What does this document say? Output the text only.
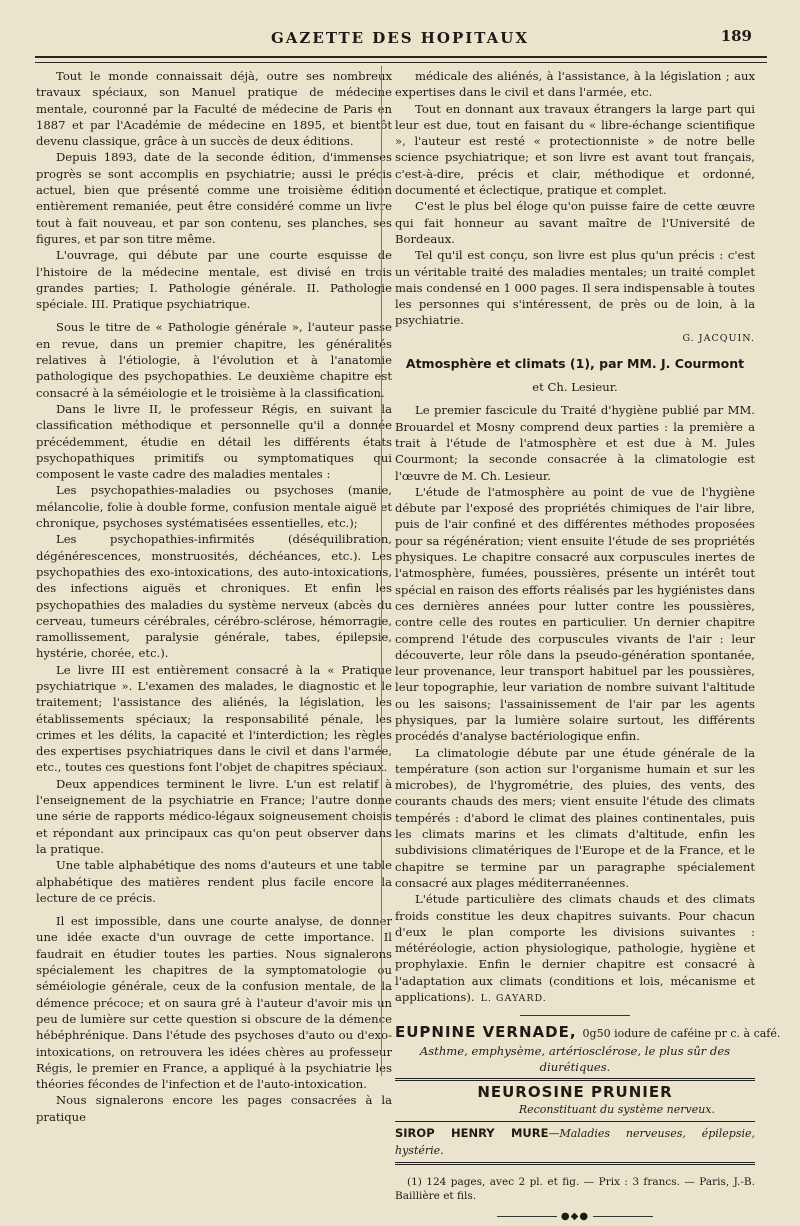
GAZETTE DES HOPITAUX	189

Tout le monde connaissait déjà, outre ses nombreux travaux spéciaux, son Manuel pratique de médecine mentale, couronné par la Faculté de médecine de Paris en 1887 et par l'Académie de médecine en 1895, et bientôt devenu classique, grâce à un succès de deux éditions.

Depuis 1893, date de la seconde édition, d'immenses progrès se sont accomplis en psychiatrie; aussi le précis actuel, bien que présenté comme une troisième édition entièrement remaniée, peut être considéré comme un livre tout à fait nouveau, et par son contenu, ses planches, ses figures, et par son titre même.

L'ouvrage, qui débute par une courte esquisse de l'histoire de la médecine mentale, est divisé en trois grandes parties; I. Pathologie générale. II. Pathologie spéciale. III. Pratique psychiatrique.

Sous le titre de « Pathologie générale », l'auteur passe en revue, dans un premier chapitre, les généralités relatives à l'étiologie, à l'évolution et à l'anatomie pathologique des psychopathies. Le deuxième chapitre est consacré à la séméiologie et le troisième à la classification.

Dans le livre II, le professeur Régis, en suivant la classification méthodique et personnelle qu'il a donnée précédemment, étudie en détail les différents états psychopathiques primitifs ou symptomatiques qui composent le vaste cadre des maladies mentales :

Les psychopathies-maladies ou psychoses (manie, mélancolie, folie à double forme, confusion mentale aiguë et chronique, psychoses systématisées essentielles, etc.);

Les psychopathies-infirmités (déséquilibration, dégénérescences, monstruosités, déchéances, etc.). Les psychopathies des exo-intoxications, des auto-intoxications, des infections aiguës et chroniques. Et enfin les psychopathies des maladies du système nerveux (abcès du cerveau, tumeurs cérébrales, cérébro-sclérose, hémorragie, ramollissement, paralysie générale, tabes, épilepsie, hystérie, chorée, etc.).

Le livre III est entièrement consacré à la « Pratique psychiatrique ». L'examen des malades, le diagnostic et le traitement; l'assistance des aliénés, la législation, les établissements spéciaux; la responsabilité pénale, les crimes et les délits, la capacité et l'interdiction; les règles des expertises psychiatriques dans le civil et dans l'armée, etc., toutes ces questions font l'objet de chapitres spéciaux.

Deux appendices terminent le livre. L'un est relatif à l'enseignement de la psychiatrie en France; l'autre donne une série de rapports médico-légaux soigneusement choisis et répondant aux principaux cas qu'on peut observer dans la pratique.

Une table alphabétique des noms d'auteurs et une table alphabétique des matières rendent plus facile encore la lecture de ce précis.

Il est impossible, dans une courte analyse, de donner une idée exacte d'un ouvrage de cette importance. Il faudrait en étudier toutes les parties. Nous signalerons spécialement les chapitres de la symptomatologie ou séméiologie générale, ceux de la confusion mentale, de la démence précoce; et on saura gré à l'auteur d'avoir mis un peu de lumière sur cette question si obscure de la démence hébéphrénique. Dans l'étude des psychoses d'auto ou d'exo-intoxications, on retrouvera les idées chères au professeur Régis, le premier en France, a appliqué à la psychiatrie les théories fécondes de l'infection et de l'auto-intoxication.

Nous signalerons encore les pages consacrées à la pratique

médicale des aliénés, à l'assistance, à la législation ; aux expertises dans le civil et dans l'armée, etc.

Tout en donnant aux travaux étrangers la large part qui leur est due, tout en faisant du « libre-échange scientifique », l'auteur est resté « protectionniste » de notre belle science psychiatrique; et son livre est avant tout français, c'est-à-dire, précis et clair, méthodique et ordonné, documenté et éclectique, pratique et complet.

C'est le plus bel éloge qu'on puisse faire de cette œuvre qui fait honneur au savant maître de l'Université de Bordeaux.

Tel qu'il est conçu, son livre est plus qu'un précis : c'est un véritable traité des maladies mentales; un traité complet mais condensé en 1 000 pages. Il sera indispensable à toutes les personnes qui s'intéressent, de près ou de loin, à la psychiatrie.

G. JACQUIN.
Atmosphère et climats (1), par MM. J. Courmont
et Ch. Lesieur.

Le premier fascicule du Traité d'hygiène publié par MM. Brouardel et Mosny comprend deux parties : la première a trait à l'étude de l'atmosphère et est due à M. Jules Courmont; la seconde consacrée à la climatologie est l'œuvre de M. Ch. Lesieur.

L'étude de l'atmosphère au point de vue de l'hygiène débute par l'exposé des propriétés chimiques de l'air libre, puis de l'air confiné et des différentes méthodes proposées pour sa régénération; vient ensuite l'étude de ses propriétés physiques. Le chapitre consacré aux corpuscules inertes de l'atmosphère, fumées, poussières, présente un intérêt tout spécial en raison des efforts réalisés par les hygiénistes dans ces dernières années pour lutter contre les poussières, contre celle des routes en particulier. Un dernier chapitre comprend l'étude des corpuscules vivants de l'air : leur découverte, leur rôle dans la pseudo-génération spontanée, leur provenance, leur transport habituel par les poussières, leur topographie, leur variation de nombre suivant l'altitude ou les saisons; l'assainissement de l'air par les agents physiques, par la lumière solaire surtout, les différents procédés d'analyse bactériologique enfin.

La climatologie débute par une étude générale de la température (son action sur l'organisme humain et sur les microbes), de l'hygrométrie, des pluies, des vents, des courants chauds des mers; vient ensuite l'étude des climats tempérés : d'abord le climat des plaines continentales, puis les climats marins et les climats d'altitude, enfin les subdivisions climatériques de l'Europe et de la France, et le chapitre se termine par un paragraphe spécialement consacré aux plages méditerranéennes.

L'étude particulière des climats chauds et des climats froids constitue les deux chapitres suivants. Pour chacun d'eux le plan comporte les divisions suivantes : météréologie, action physiologique, pathologie, hygiène et prophylaxie. Enfin le dernier chapitre est consacré à l'adaptation aux climats (conditions et lois, mécanisme et applications). L. GAYARD.

EUPNINE VERNADE, 0g50 iodure de caféine pr c. à café.
Asthme, emphysème, artériosclérose, le plus sûr des diurétiques.
NEUROSINE PRUNIER
Reconstituant du système nerveux.
SIROP HENRY MURE—Maladies nerveuses, épilepsie, hystérie.
(1) 124 pages, avec 2 pl. et fig. — Prix : 3 francs. — Paris, J.-B. Baillière et fils.
●◆●
